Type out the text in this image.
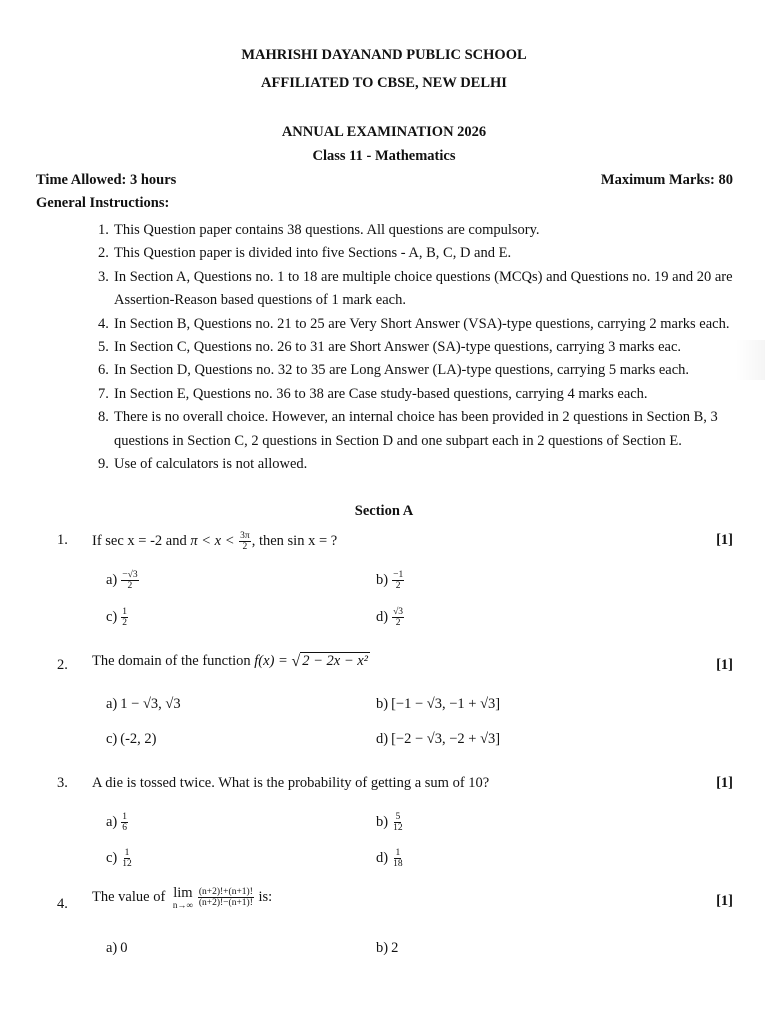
MAHRISHI DAYANAND PUBLIC SCHOOL
AFFILIATED TO CBSE, NEW DELHI
ANNUAL EXAMINATION 2026
Class 11 - Mathematics
Time Allowed: 3 hours	Maximum Marks: 80
General Instructions:
1. This Question paper contains 38 questions. All questions are compulsory.
2. This Question paper is divided into five Sections - A, B, C, D and E.
3. In Section A, Questions no. 1 to 18 are multiple choice questions (MCQs) and Questions no. 19 and 20 are Assertion-Reason based questions of 1 mark each.
4. In Section B, Questions no. 21 to 25 are Very Short Answer (VSA)-type questions, carrying 2 marks each.
5. In Section C, Questions no. 26 to 31 are Short Answer (SA)-type questions, carrying 3 marks eac.
6. In Section D, Questions no. 32 to 35 are Long Answer (LA)-type questions, carrying 5 marks each.
7. In Section E, Questions no. 36 to 38 are Case study-based questions, carrying 4 marks each.
8. There is no overall choice. However, an internal choice has been provided in 2 questions in Section B, 3 questions in Section C, 2 questions in Section D and one subpart each in 2 questions of Section E.
9. Use of calculators is not allowed.
Section A
1. If sec x = -2 and $\pi < x < \frac{3\pi}{2}$ , then sin x = ?	[1]
$a) \frac{-√3}{2}$	$b) \frac{-1}{2}$
$c) \frac{1}{2}$	$d) \frac{√3}{2}$
2. The domain of the function f(x) = √ 2 − 2x − x²	[1]
a) 1 − √3, √3	b) [−1 − √3, −1 + √3]
c) (-2, 2)	d) [−2 − √3, −2 + √3]
3. A die is tossed twice. What is the probability of getting a sum of 10?	[1]
$a) \frac{1}{6}$	$b) \frac{5}{12}$
$c) \frac{1}{12}$	$d) \frac{1}{18}$
4. The value of lim
$n\to\infty \frac{(n+2)!+(n+1)!}{(n+2)!-(n+1)!}$ is:	[1]
a) 0	b) 2
